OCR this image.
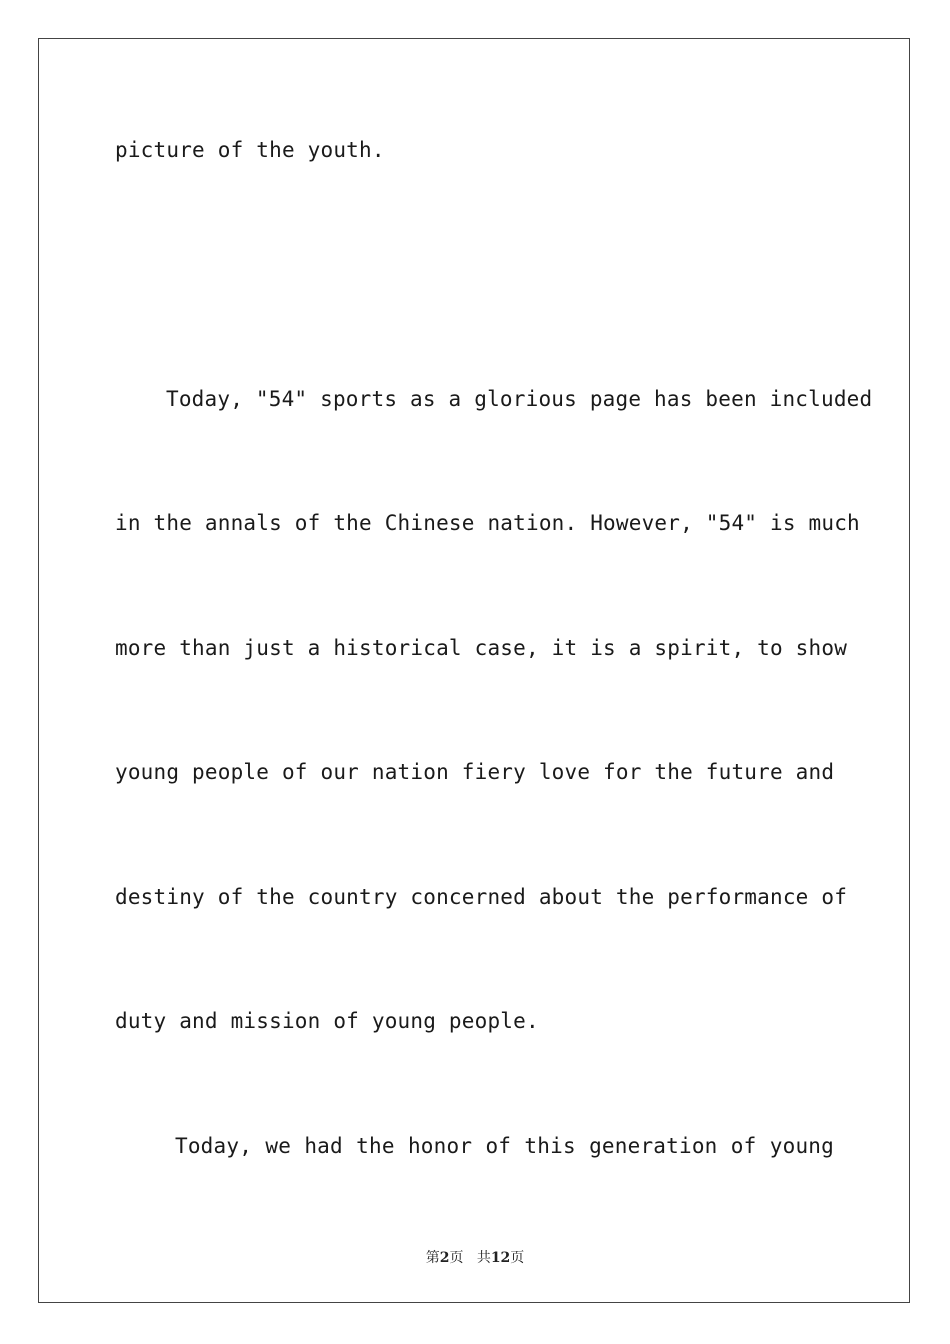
picture of the youth.
Today, "54" sports as a glorious page has been included
in the annals of the Chinese nation. However, "54" is much
more than just a historical case, it is a spirit, to show
young people of our nation fiery love for the future and
destiny of the country concerned about the performance of
duty and mission of young people.
Today, we had the honor of this generation of young
第2页 共12页
